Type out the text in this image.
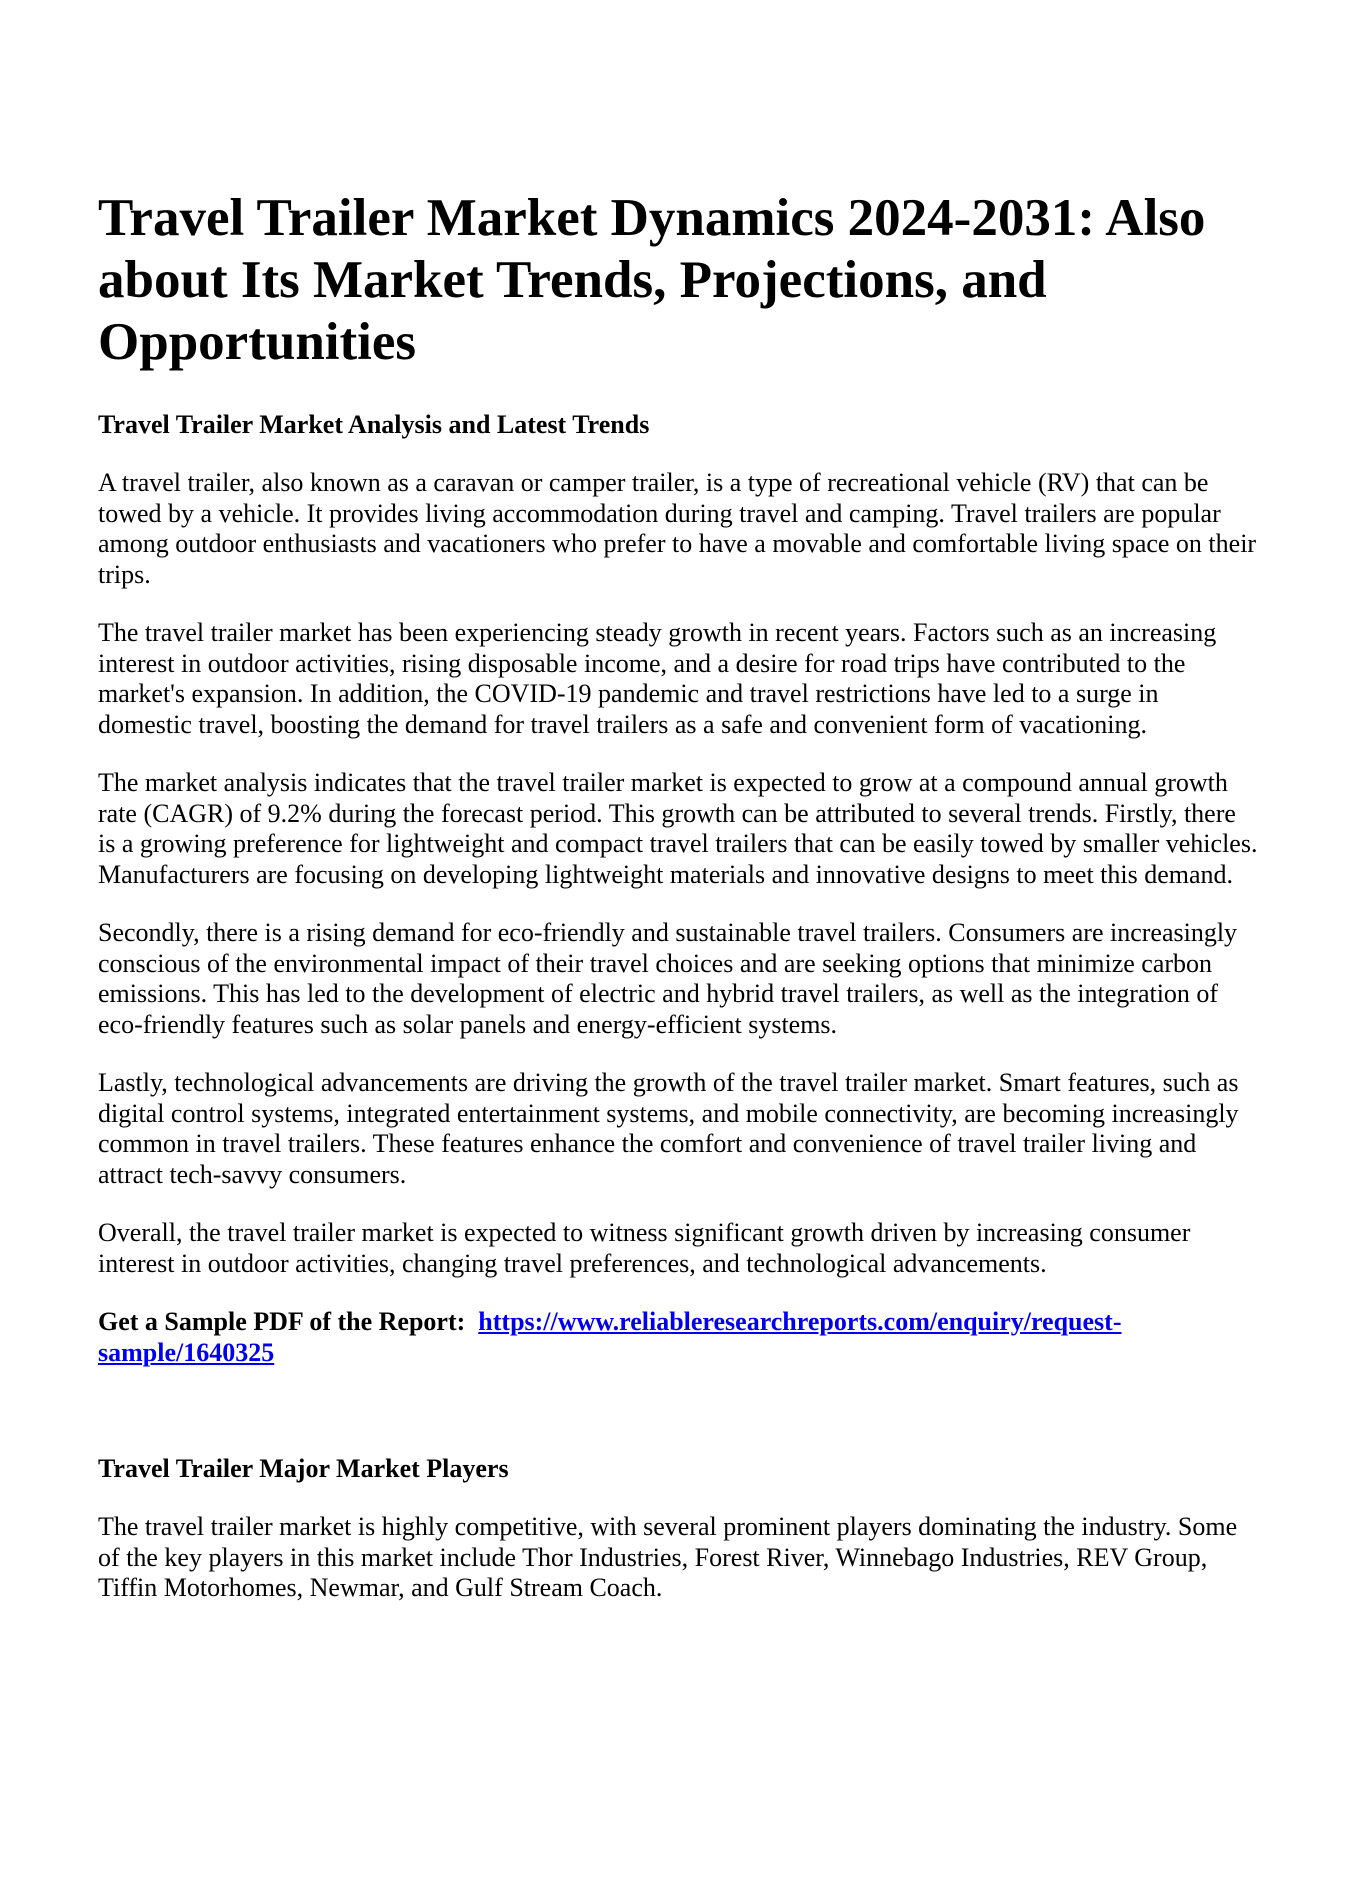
Travel Trailer Market Dynamics 2024-2031: Also about Its Market Trends, Projections, and Opportunities
Travel Trailer Market Analysis and Latest Trends

A travel trailer, also known as a caravan or camper trailer, is a type of recreational vehicle (RV) that can be towed by a vehicle. It provides living accommodation during travel and camping. Travel trailers are popular among outdoor enthusiasts and vacationers who prefer to have a movable and comfortable living space on their trips.

The travel trailer market has been experiencing steady growth in recent years. Factors such as an increasing interest in outdoor activities, rising disposable income, and a desire for road trips have contributed to the market's expansion. In addition, the COVID-19 pandemic and travel restrictions have led to a surge in domestic travel, boosting the demand for travel trailers as a safe and convenient form of vacationing.

The market analysis indicates that the travel trailer market is expected to grow at a compound annual growth rate (CAGR) of 9.2% during the forecast period. This growth can be attributed to several trends. Firstly, there is a growing preference for lightweight and compact travel trailers that can be easily towed by smaller vehicles. Manufacturers are focusing on developing lightweight materials and innovative designs to meet this demand.

Secondly, there is a rising demand for eco-friendly and sustainable travel trailers. Consumers are increasingly conscious of the environmental impact of their travel choices and are seeking options that minimize carbon emissions. This has led to the development of electric and hybrid travel trailers, as well as the integration of eco-friendly features such as solar panels and energy-efficient systems.

Lastly, technological advancements are driving the growth of the travel trailer market. Smart features, such as digital control systems, integrated entertainment systems, and mobile connectivity, are becoming increasingly common in travel trailers. These features enhance the comfort and convenience of travel trailer living and attract tech-savvy consumers.

Overall, the travel trailer market is expected to witness significant growth driven by increasing consumer interest in outdoor activities, changing travel preferences, and technological advancements.

Get a Sample PDF of the Report: https://www.reliableresearchreports.com/enquiry/request-sample/1640325

Travel Trailer Major Market Players

The travel trailer market is highly competitive, with several prominent players dominating the industry. Some of the key players in this market include Thor Industries, Forest River, Winnebago Industries, REV Group, Tiffin Motorhomes, Newmar, and Gulf Stream Coach.
